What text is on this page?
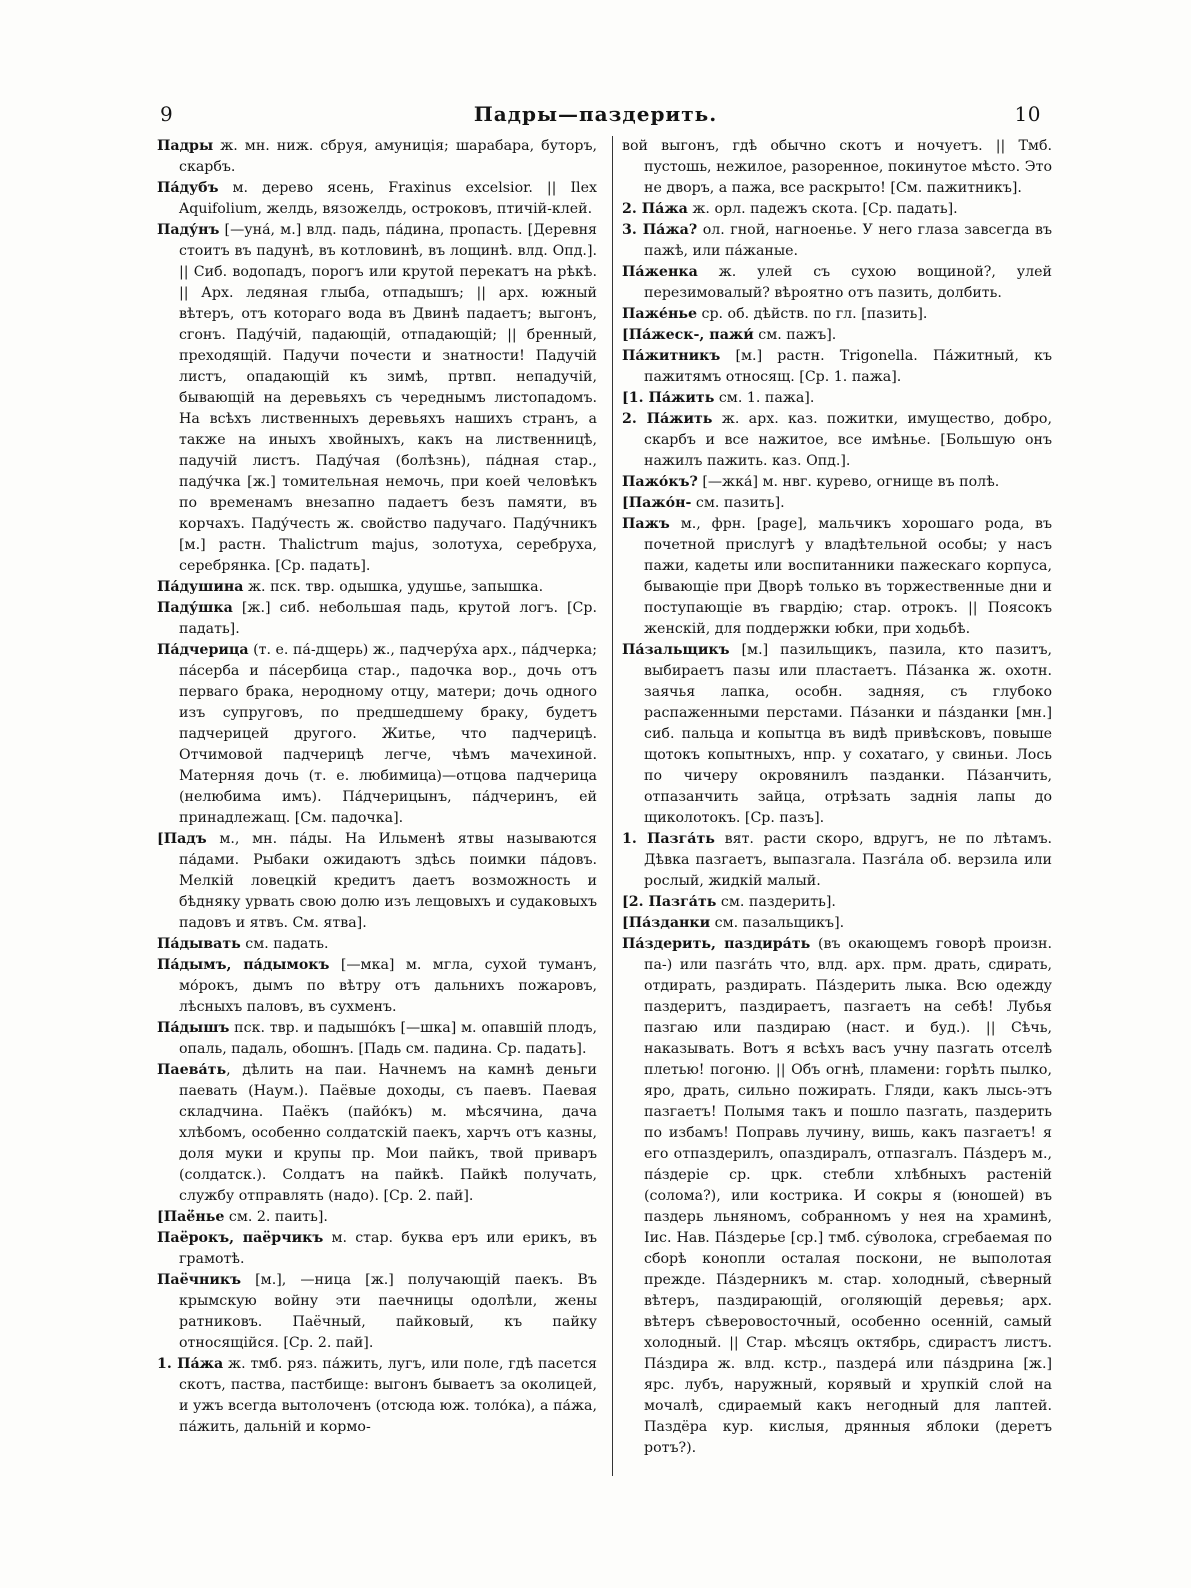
Падры—паздерить.
9	10

Падры ж. мн. ниж. сбруя, амуниція; шарабара, буторъ, скарбъ.

Па́дубъ м. дерево ясень, Fraxinus excelsior. || Ilex Aquifolium, желдь, вязожелдь, остроковъ, птичій-клей.

Паду́нъ [—уна́, м.] влд. падь, па́дина, пропасть. [Деревня стоитъ въ падунѣ, въ котловинѣ, въ лощинѣ. влд. Опд.]. || Сиб. водопадъ, порогъ или крутой перекатъ на рѣкѣ. || Арх. ледяная глыба, отпадышъ; || арх. южный вѣтеръ, отъ котораго вода въ Двинѣ падаетъ; выгонъ, сгонъ. Паду́чій, падающій, отпадающій; || бренный, преходящій. Падучи почести и знатности! Падучій листъ, опадающій къ зимѣ, пртвп. непадучій, бывающій на деревьяхъ съ череднымъ листопадомъ. На всѣхъ лиственныхъ деревьяхъ нашихъ странъ, а также на иныхъ хвойныхъ, какъ на лиственницѣ, падучій листъ. Паду́чая (болѣзнь), па́дная стар., паду́чка [ж.] томительная немочь, при коей человѣкъ по временамъ внезапно падаетъ безъ памяти, въ корчахъ. Паду́честь ж. свойство падучаго. Паду́чникъ [м.] растн. Thalictrum majus, золотуха, серебруха, серебрянка. [Ср. падать].

Па́душина ж. пск. твр. одышка, удушье, запышка.

Паду́шка [ж.] сиб. небольшая падь, крутой логъ. [Ср. падать].

Па́дчерица (т. е. па́-дщерь) ж., падчеру́ха арх., па́дчерка; па́серба и па́сербица стар., падочка вор., дочь отъ перваго брака, неродному отцу, матери; дочь одного изъ супруговъ, по предшедшему браку, будетъ падчерицей другого. Житье, что падчерицѣ. Отчимовой падчерицѣ легче, чѣмъ мачехиной. Матерняя дочь (т. е. любимица)—отцова падчерица (нелюбима имъ). Па́дчерицынъ, па́дчеринъ, ей принадлежащ. [См. падочка].

[Падъ м., мн. па́ды. На Ильменѣ ятвы называются па́дами. Рыбаки ожидаютъ здѣсь поимки па́довъ. Мелкій ловецкій кредитъ даетъ возможность и бѣдняку урвать свою долю изъ лещовыхъ и судаковыхъ падовъ и ятвъ. См. ятва].

Па́дывать см. падать.

Па́дымъ, па́дымокъ [—мка] м. мгла, сухой туманъ, мо́рокъ, дымъ по вѣтру отъ дальнихъ пожаровъ, лѣсныхъ паловъ, въ сухменъ.

Па́дышъ пск. твр. и падышо́къ [—шка] м. опавшій плодъ, опаль, падаль, обошнъ. [Падь см. падина. Ср. падать].

Паева́ть, дѣлить на паи. Начнемъ на камнѣ деньги паевать (Наум.). Паёвые доходы, съ паевъ. Паевая складчина. Паёкъ (пайо́къ) м. мѣсячина, дача хлѣбомъ, особенно солдатскій паекъ, харчъ отъ казны, доля муки и крупы пр. Мои пайкъ, твой приваръ (солдатск.). Солдатъ на пайкѣ. Пайкѣ получать, службу отправлять (надо). [Ср. 2. пай].

[Паё́нье см. 2. паить].

Паёрокъ, паёрчикъ м. стар. буква еръ или ерикъ, въ грамотѣ.

Паёчникъ [м.], —ница [ж.] получающій паекъ. Въ крымскую войну эти паечницы одолѣли, жены ратниковъ. Паёчный, пайковый, къ пайку относящійся. [Ср. 2. пай].

1. Па́жа ж. тмб. ряз. па́жить, лугъ, или поле, гдѣ пасется скотъ, паства, пастбище: выгонъ бываетъ за околицей, и ужъ всегда вытолоченъ (отсюда юж. толо́ка), а па́жа, па́жить, дальній и кормо-

вой выгонъ, гдѣ обычно скотъ и ночуетъ. || Тмб. пустошь, нежилое, разоренное, покинутое мѣсто. Это не дворъ, а пажа, все раскрыто! [См. пажитникъ].

2. Па́жа ж. орл. падежъ скота. [Ср. падать].

3. Па́жа? ол. гной, нагноенье. У него глаза завсегда въ пажѣ, или па́жаные.

Па́женка ж. улей съ сухою вощиной?, улей перезимовалый? вѣроятно отъ пазить, долбить.

Паже́нье ср. об. дѣйств. по гл. [пазить].

[Па́жеск-, пажи́ см. пажъ].

Па́житникъ [м.] растн. Trigonella. Па́житный, къ пажитямъ относящ. [Ср. 1. пажа].

[1. Па́жить см. 1. пажа].

2. Па́жить ж. арх. каз. пожитки, имущество, добро, скарбъ и все нажитое, все имѣнье. [Большую онъ нажилъ пажить. каз. Опд.].

Пажо́къ? [—жка́] м. нвг. курево, огнище въ полѣ.

[Пажо́н- см. пазить].

Пажъ м., фрн. [page], мальчикъ хорошаго рода, въ почетной прислугѣ у владѣтельной особы; у насъ пажи, кадеты или воспитанники пажескаго корпуса, бывающіе при Дворѣ только въ торжественные дни и поступающіе въ гвардію; стар. отрокъ. || Поясокъ женскій, для поддержки юбки, при ходьбѣ.

Па́зальщикъ [м.] пазильщикъ, пазила, кто пазитъ, выбираетъ пазы или пластаетъ. Па́занка ж. охотн. заячья лапка, особн. задняя, съ глубоко распаженными перстами. Па́занки и па́зданки [мн.] сиб. пальца и копытца въ видѣ привѣсковъ, повыше щотокъ копытныхъ, нпр. у сохатаго, у свиньи. Лось по чичеру окровянилъ пазданки. Па́занчить, отпазанчить зайца, отрѣзать заднія лапы до щиколотокъ. [Ср. пазъ].

1. Пазга́ть вят. расти скоро, вдругъ, не по лѣтамъ. Дѣвка пазгаетъ, выпазгала. Пазга́ла об. верзила или рослый, жидкій малый.

[2. Пазга́ть см. паздерить].

[Па́зданки см. пазальщикъ].

Па́здерить, паздира́ть (въ окающемъ говорѣ произн. па-) или пазга́ть что, влд. арх. прм. драть, сдирать, отдирать, раздирать. Па́здерить лыка. Всю одежду паздеритъ, паздираетъ, пазгаетъ на себѣ! Лубья пазгаю или паздираю (наст. и буд.). || Сѣчь, наказывать. Вотъ я всѣхъ васъ учну пазгать отселѣ плетью! погоню. || Объ огнѣ, пламени: горѣть пылко, яро, драть, сильно пожирать. Гляди, какъ лысь-этъ пазгаетъ! Полымя такъ и пошло пазгать, паздерить по избамъ! Поправь лучину, вишь, какъ пазгаетъ! я его отпаздерилъ, опаздиралъ, отпазгалъ. Па́здеръ м., па́здеріе ср. црк. стебли хлѣбныхъ растеній (солома?), или кострика. И сокры я (юношей) въ паздерь льняномъ, собранномъ у нея на храминѣ, Iис. Нав. Па́здерье [ср.] тмб. су́волока, сгребаемая по сборѣ конопли осталая поскони, не выполотая прежде. Па́здерникъ м. стар. холодный, сѣверный вѣтеръ, паздирающій, оголяющій деревья; арх. вѣтеръ сѣверовосточный, особенно осенній, самый холодный. || Стар. мѣсяцъ октябрь, сдирастъ листъ. Па́здира ж. влд. кстр., паздера́ или па́здрина [ж.] ярс. лубъ, наружный, корявый и хрупкій слой на мочалѣ, сдираемый какъ негодный для лаптей. Паздёра кур. кислыя, дрянныя яблоки (деретъ ротъ?).
